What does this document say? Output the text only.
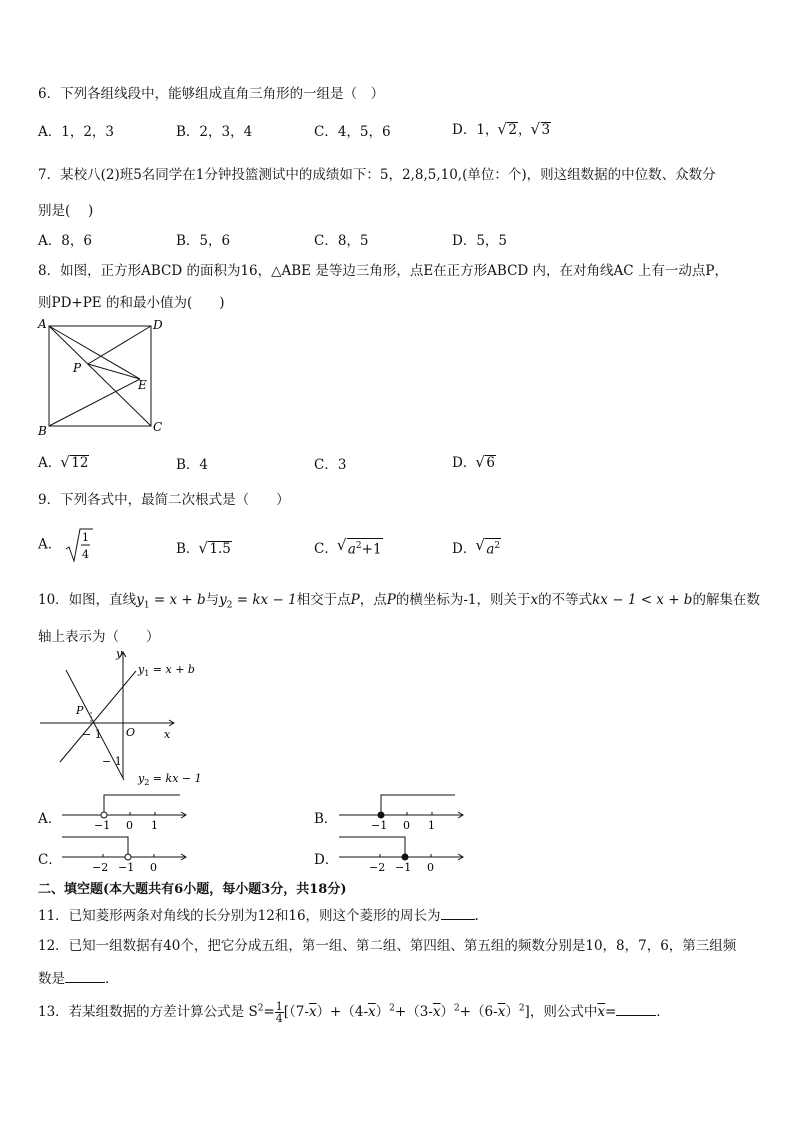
6．下列各组线段中，能够组成直角三角形的一组是（　）
A．1，2，3	B．2，3，4	C．4，5，6	D．1， √ 2， √ 3
7．某校八(2)班5名同学在1分钟投篮测试中的成绩如下：5，2,8,5,10,(单位：个)，则这组数据的中位数、众数分
别是(　 )
A．8，6	B．5，6	C．8，5	D．5，5
8．如图，正方形ABCD 的面积为16，△ABE 是等边三角形，点E在正方形ABCD 内，在对角线AC 上有一动点P，
则PD+PE 的和最小值为(　　)
A	D
B	C
P
E
A． √ 12	B．4	C．3	D． √ 6
9．下列各式中，最简二次根式是（　　）
A． 1
4	B． √ 1.5	C． √ $a^2+1$	D． √ $a^2$
10．如图，直线$y_1 = x + b$与$y_2$ = kx − 1相交于点P，点P的横坐标为-1，则关于x的不等式kx − 1 < x + b的解集在数
轴上表示为（　　）
y
x
O
P
− 1
− 1
$y_1 = x + b$
$y_2$ = kx − 1
A．	−1 0 1	B．	−1 0 1
C．	−2 −1 0	D．	−2 −1 0
二、填空题(本大题共有6小题，每小题3分，共18分)
11．已知菱形两条对角线的长分别为12和16，则这个菱形的周长为	.
12．已知一组数据有40个，把它分成五组，第一组、第二组、第四组、第五组的频数分别是10，8，7，6，第三组频
数是	．
13．若某组数据的方差计算公式是 $S^2= \frac{1}{4} [(7-\overline{x})+(4-\overline{x})^2+(3-\overline{x})^2+(6-\overline{x})^2]$，则公式中$\overline{x}=$	．
